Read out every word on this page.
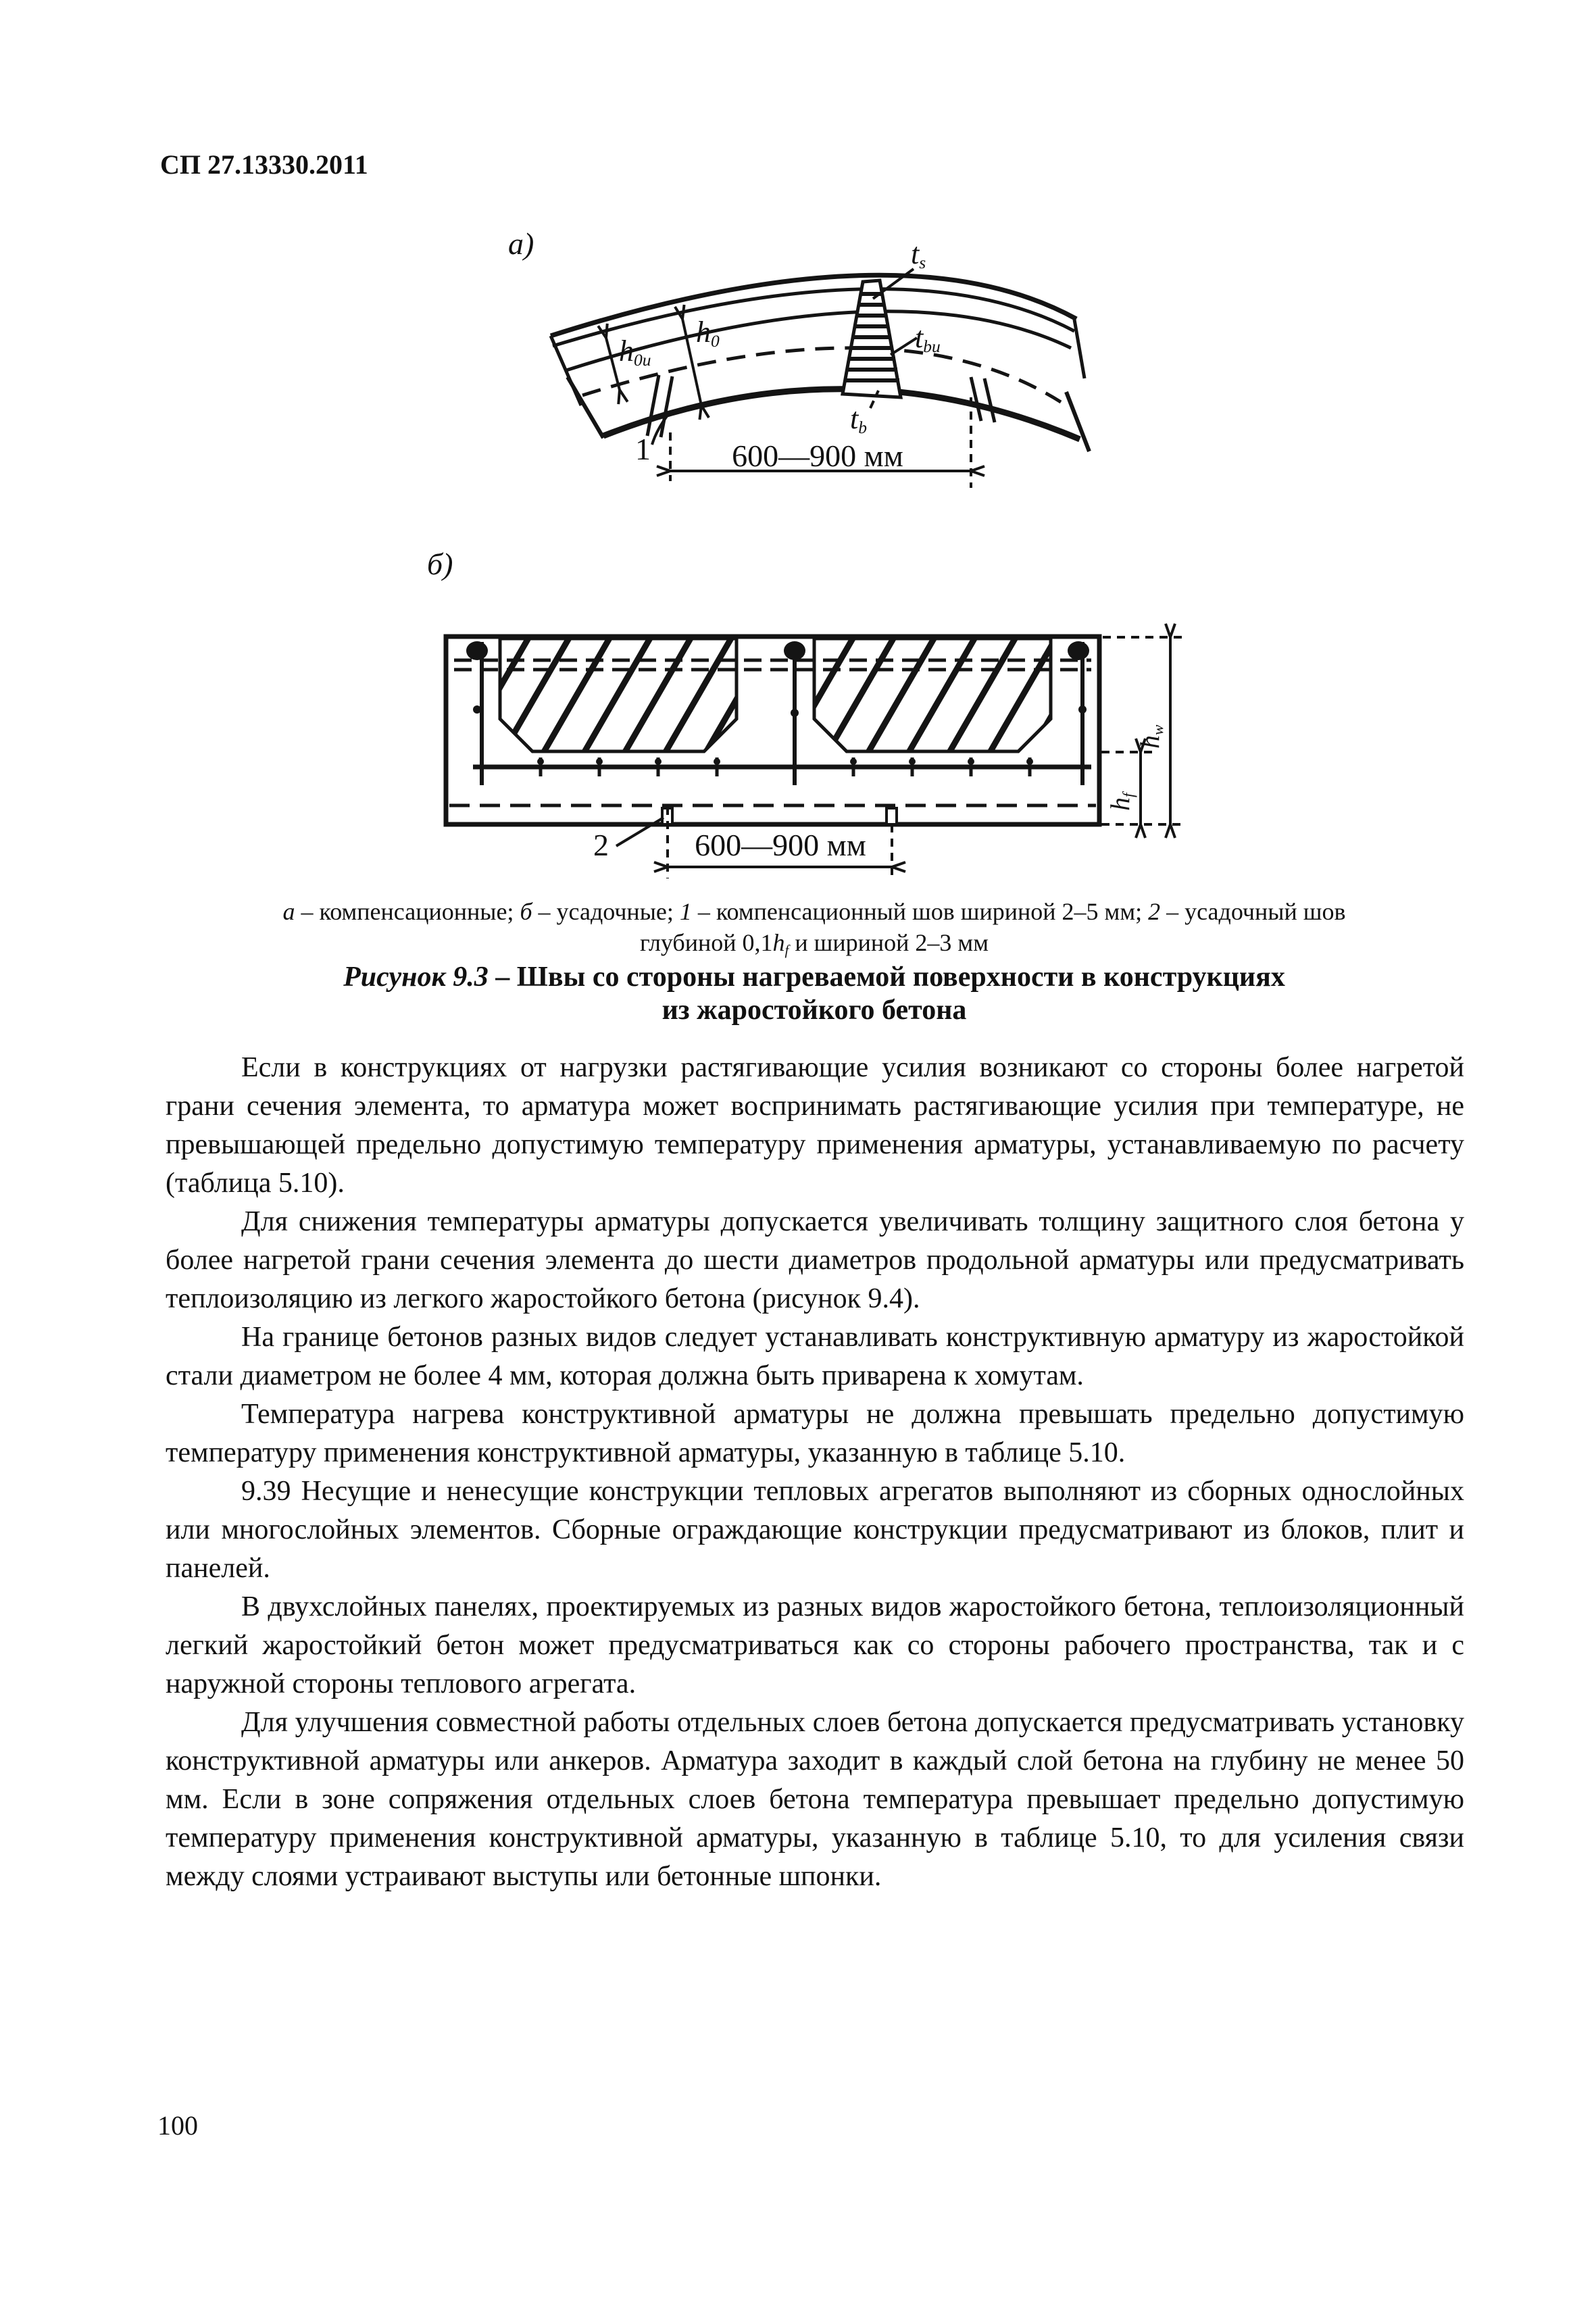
СП 27.13330.2011
а)	ts
tbu
tb
h0u
h0
1	600—900 мм
б)
2	600—900 мм
hf
hw
а – компенсационные; б – усадочные; 1 – компенсационный шов шириной 2–5 мм; 2 – усадочный шов
глубиной 0,1hf и шириной 2–3 мм
Рисунок 9.3 – Швы со стороны нагреваемой поверхности в конструкциях
из жаростойкого бетона

Если в конструкциях от нагрузки растягивающие усилия возникают со стороны более нагретой грани сечения элемента, то арматура может воспринимать растягивающие усилия при температуре, не превышающей предельно допустимую температуру применения арматуры, устанавливаемую по расчету (таблица 5.10).

Для снижения температуры арматуры допускается увеличивать толщину защитного слоя бетона у более нагретой грани сечения элемента до шести диаметров продольной арматуры или предусматривать теплоизоляцию из легкого жаростойкого бетона (рисунок 9.4).

На границе бетонов разных видов следует устанавливать конструктивную арматуру из жаростойкой стали диаметром не более 4 мм, которая должна быть приварена к хомутам.

Температура нагрева конструктивной арматуры не должна превышать предельно допустимую температуру применения конструктивной арматуры, указанную в таблице 5.10.

9.39 Несущие и ненесущие конструкции тепловых агрегатов выполняют из сборных однослойных или многослойных элементов. Сборные ограждающие конструкции предусматривают из блоков, плит и панелей.

В двухслойных панелях, проектируемых из разных видов жаростойкого бетона, теплоизоляционный легкий жаростойкий бетон может предусматриваться как со стороны рабочего пространства, так и с наружной стороны теплового агрегата.

Для улучшения совместной работы отдельных слоев бетона допускается предусматривать установку конструктивной арматуры или анкеров. Арматура заходит в каждый слой бетона на глубину не менее 50 мм. Если в зоне сопряжения отдельных слоев бетона температура превышает предельно допустимую температуру применения конструктивной арматуры, указанную в таблице 5.10, то для усиления связи между слоями устраивают выступы или бетонные шпонки.

100
